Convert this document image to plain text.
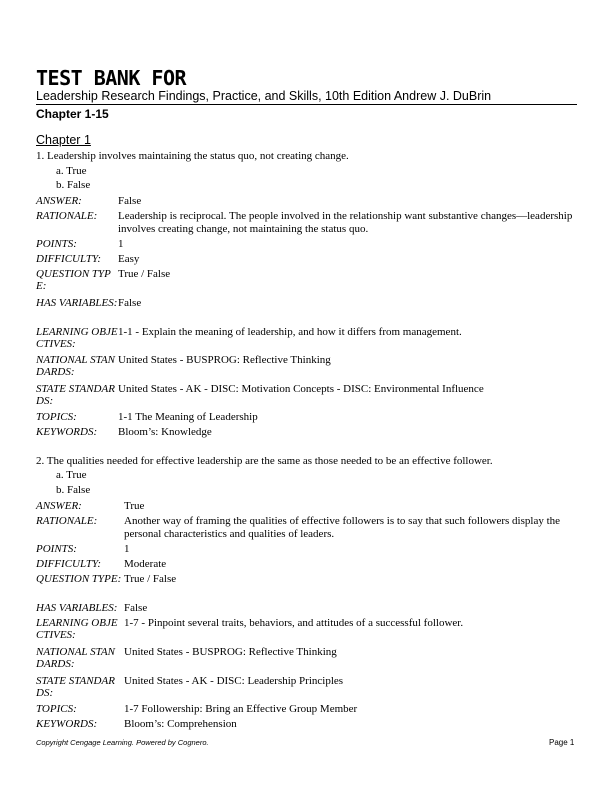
TEST BANK FOR
Leadership Research Findings, Practice, and Skills, 10th Edition Andrew J. DuBrin
Chapter 1-15
Chapter 1
1. Leadership involves maintaining the status quo, not creating change.
a. True
b. False
ANSWER:	False
RATIONALE:	Leadership is reciprocal. The people involved in the relationship want substantive changes—leadership involves creating change, not maintaining the status quo.
POINTS:	1
DIFFICULTY:	Easy
QUESTION TYPE:
True / False
HAS VARIABLES: False
LEARNING OBJECTIVES:
1-1 - Explain the meaning of leadership, and how it differs from management.
NATIONAL STANDARDS:
United States - BUSPROG: Reflective Thinking
STATE STANDARDS:
United States - AK - DISC: Motivation Concepts - DISC: Environmental Influence
TOPICS:	1-1 The Meaning of Leadership
KEYWORDS:	Bloom’s: Knowledge
2. The qualities needed for effective leadership are the same as those needed to be an effective follower.
a. True
b. False
ANSWER:	True
RATIONALE:	Another way of framing the qualities of effective followers is to say that such followers display the personal characteristics and qualities of leaders.
POINTS:	1
DIFFICULTY:	Moderate
QUESTION TYPE: True / False
HAS VARIABLES: False
LEARNING OBJECTIVES:
1-7 - Pinpoint several traits, behaviors, and attitudes of a successful follower.
NATIONAL STANDARDS:
United States - BUSPROG: Reflective Thinking
STATE STANDARDS:
United States - AK - DISC: Leadership Principles
TOPICS:	1-7 Followership: Bring an Effective Group Member
KEYWORDS:	Bloom’s: Comprehension
Copyright Cengage Learning. Powered by Cognero.	Page 1
